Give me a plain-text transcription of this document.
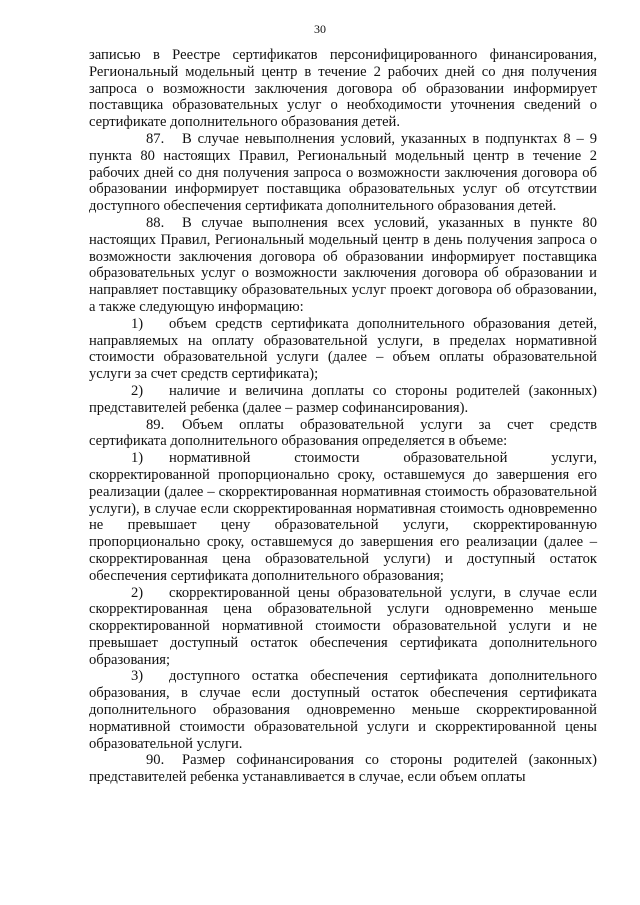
30

записью в Реестре сертификатов персонифицированного финансирования, Региональный модельный центр в течение 2 рабочих дней со дня получения запроса о возможности заключения договора об образовании информирует поставщика образовательных услуг о необходимости уточнения сведений о сертификате дополнительного образования детей.

87. В случае невыполнения условий, указанных в подпунктах 8 – 9 пункта 80 настоящих Правил, Региональный модельный центр в течение 2 рабочих дней со дня получения запроса о возможности заключения договора об образовании информирует поставщика образовательных услуг об отсутствии доступного обеспечения сертификата дополнительного образования детей.

88. В случае выполнения всех условий, указанных в пункте 80 настоящих Правил, Региональный модельный центр в день получения запроса о возможности заключения договора об образовании информирует поставщика образовательных услуг о возможности заключения договора об образовании и направляет поставщику образовательных услуг проект договора об образовании, а также следующую информацию:

1) объем средств сертификата дополнительного образования детей, направляемых на оплату образовательной услуги, в пределах нормативной стоимости образовательной услуги (далее – объем оплаты образовательной услуги за счет средств сертификата);

2) наличие и величина доплаты со стороны родителей (законных) представителей ребенка (далее – размер софинансирования).

89. Объем оплаты образовательной услуги за счет средств сертификата дополнительного образования определяется в объеме:

1) нормативной стоимости образовательной услуги, скорректированной пропорционально сроку, оставшемуся до завершения его реализации (далее – скорректированная нормативная стоимость образовательной услуги), в случае если скорректированная нормативная стоимость одновременно не превышает цену образовательной услуги, скорректированную пропорционально сроку, оставшемуся до завершения его реализации (далее – скорректированная цена образовательной услуги) и доступный остаток обеспечения сертификата дополнительного образования;

2) скорректированной цены образовательной услуги, в случае если скорректированная цена образовательной услуги одновременно меньше скорректированной нормативной стоимости образовательной услуги и не превышает доступный остаток обеспечения сертификата дополнительного образования;

3) доступного остатка обеспечения сертификата дополнительного образования, в случае если доступный остаток обеспечения сертификата дополнительного образования одновременно меньше скорректированной нормативной стоимости образовательной услуги и скорректированной цены образовательной услуги.

90. Размер софинансирования со стороны родителей (законных) представителей ребенка устанавливается в случае, если объем оплаты
